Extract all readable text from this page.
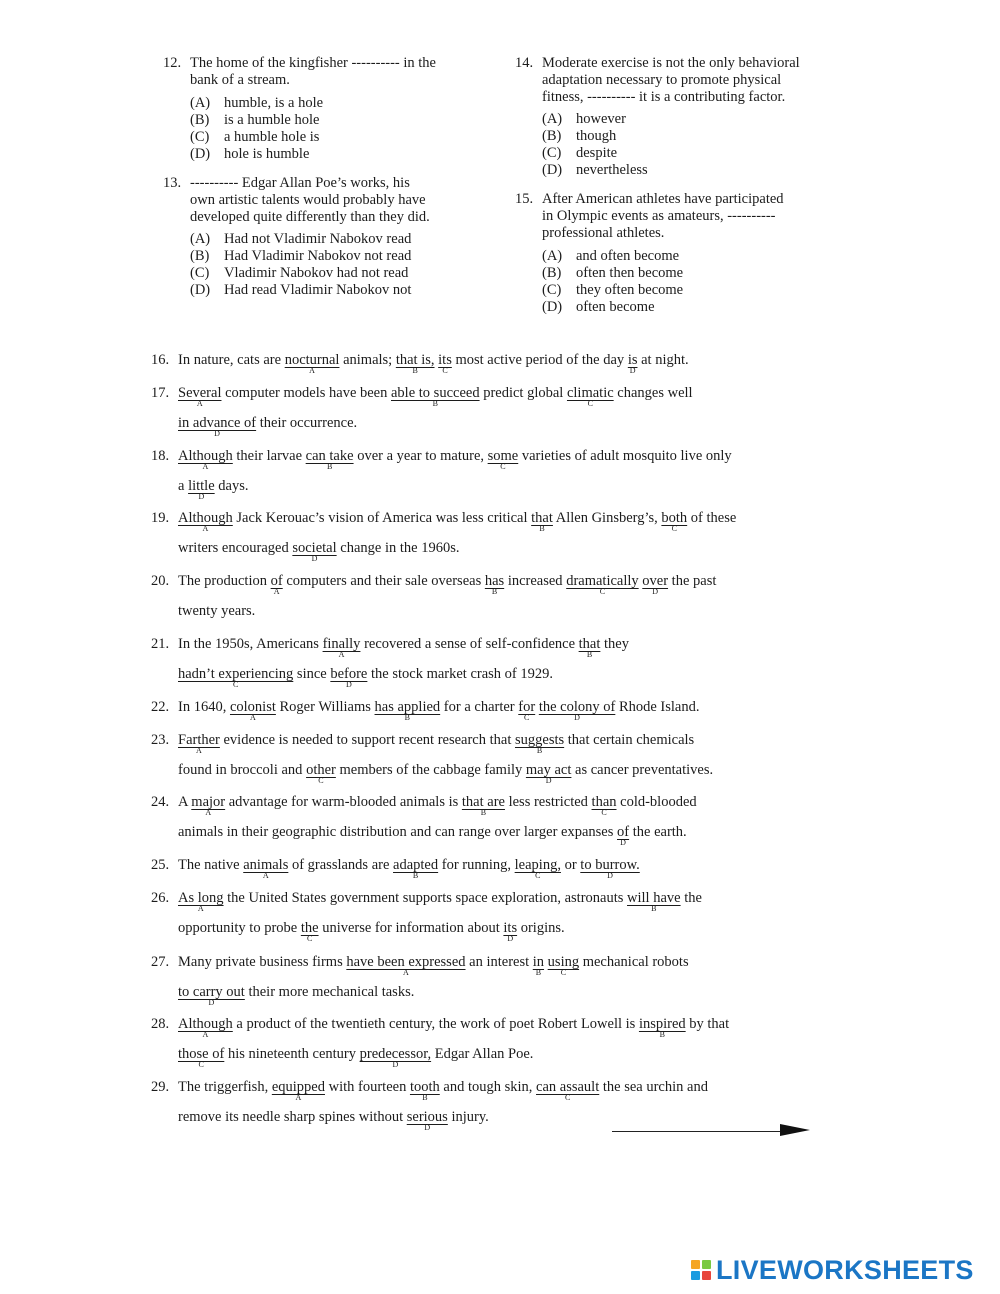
12. The home of the kingfisher ---------- in the
bank of a stream.
(A) humble, is a hole
(B) is a humble hole
(C) a humble hole is
(D) hole is humble
13. ---------- Edgar Allan Poe’s works, his
own artistic talents would probably have
developed quite differently than they did.
(A) Had not Vladimir Nabokov read
(B) Had Vladimir Nabokov not read
(C) Vladimir Nabokov had not read
(D) Had read Vladimir Nabokov not
14. Moderate exercise is not the only behavioral
adaptation necessary to promote physical
fitness, ---------- it is a contributing factor.
(A) however
(B) though
(C) despite
(D) nevertheless
15. After American athletes have participated
in Olympic events as amateurs, ----------
professional athletes.
(A) and often become
(B) often then become
(C) they often become
(D) often become
16. In nature, cats are nocturnal
A
animals; that is,
B
its
C
most active period of the day is
D
at night.
17. Several
A
computer models have been able to succeed
B
predict global climatic
C
changes well
in advance of
D
their occurrence.
18. Although
A
their larvae can take
B
over a year to mature, some
C
varieties of adult mosquito live only
a little
D
days.
19. Although
A
Jack Kerouac’s vision of America was less critical that
B
Allen Ginsberg’s, both
C
of these
writers encouraged societal
D
change in the 1960s.
20. The production of
A
computers and their sale overseas has
B
increased dramatically
C
over
D
the past
twenty years.
21. In the 1950s, Americans finally
A
recovered a sense of self-confidence that
B
they
hadn’t experiencing
C
since before
D
the stock market crash of 1929.
22. In 1640, colonist
A
Roger Williams has applied
B
for a charter for
C
the colony of
D
Rhode Island.
23. Farther
A
evidence is needed to support recent research that suggests
B
that certain chemicals
found in broccoli and other
C
members of the cabbage family may act
D
as cancer preventatives.
24. A major
A
advantage for warm-blooded animals is that are
B
less restricted than
C
cold-blooded
animals in their geographic distribution and can range over larger expanses of
D
the earth.
25. The native animals
A
of grasslands are adapted
B
for running, leaping,
C
or to burrow.
D
26. As long
A
the United States government supports space exploration, astronauts will have
B
the
opportunity to probe the
C
universe for information about its
D
origins.
27. Many private business firms have been expressed
A
an interest in
B
using
C
mechanical robots
to carry out
D
their more mechanical tasks.
28. Although
A
a product of the twentieth century, the work of poet Robert Lowell is inspired
B
by that
those of
C
his nineteenth century predecessor,
D
Edgar Allan Poe.
29. The triggerfish, equipped
A
with fourteen tooth
B
and tough skin, can assault
C
the sea urchin and
remove its needle sharp spines without serious
D
injury.
LIVEWORKSHEETS
